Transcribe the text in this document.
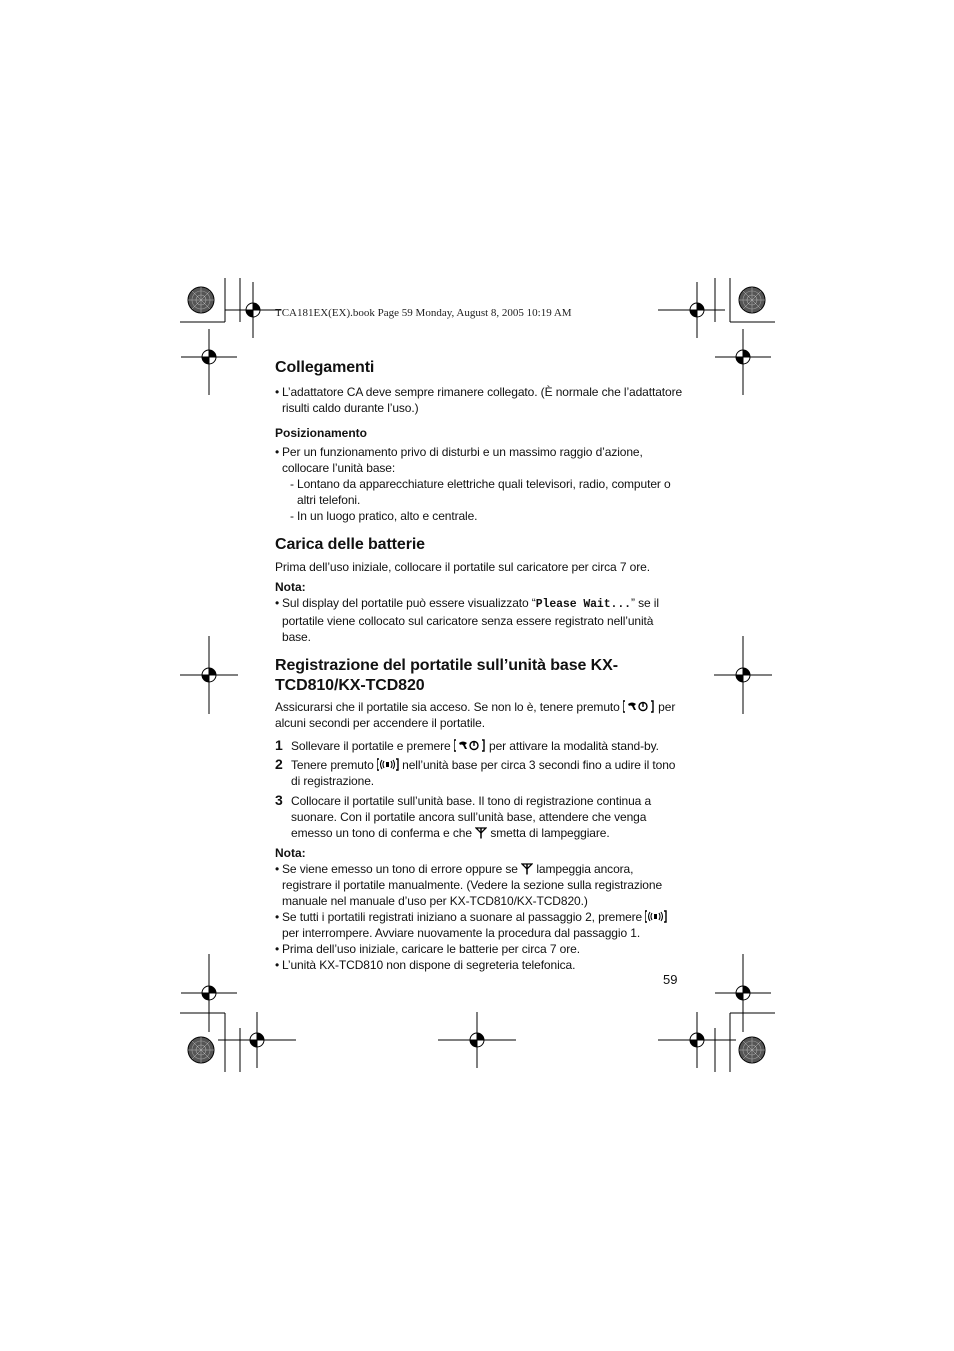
TCA181EX(EX).book Page 59 Monday, August 8, 2005 10:19 AM
Collegamenti
• L’adattatore CA deve sempre rimanere collegato. (È normale che l’adattatore risulti caldo durante l’uso.)
Posizionamento
• Per un funzionamento privo di disturbi e un massimo raggio d’azione, collocare l’unità base:
- Lontano da apparecchiature elettriche quali televisori, radio, computer o altri telefoni.
- In un luogo pratico, alto e centrale.
Carica delle batterie

Prima dell’uso iniziale, collocare il portatile sul caricatore per circa 7 ore.

Nota:
• Sul display del portatile può essere visualizzato “Please Wait...” se il portatile viene collocato sul caricatore senza essere registrato nell’unità base.
Registrazione del portatile sull’unità base KX-TCD810/KX-TCD820

Assicurarsi che il portatile sia acceso. Se non lo è, tenere premuto	per alcuni secondi per accendere il portatile.

1 Sollevare il portatile e premere	per attivare la modalità stand-by.
2 Tenere premuto  nell’unità base per circa 3 secondi fino a udire il tono di registrazione.
3 Collocare il portatile sull’unità base. Il tono di registrazione continua a suonare. Con il portatile ancora sull’unità base, attendere che venga emesso un tono di conferma e che  smetta di lampeggiare.
Nota:
• Se viene emesso un tono di errore oppure se  lampeggia ancora, registrare il portatile manualmente. (Vedere la sezione sulla registrazione manuale nel manuale d’uso per KX-TCD810/KX-TCD820.)
• Se tutti i portatili registrati iniziano a suonare al passaggio 2, premere  per interrompere. Avviare nuovamente la procedura dal passaggio 1.
• Prima dell’uso iniziale, caricare le batterie per circa 7 ore.
• L’unità KX-TCD810 non dispone di segreteria telefonica.
59
